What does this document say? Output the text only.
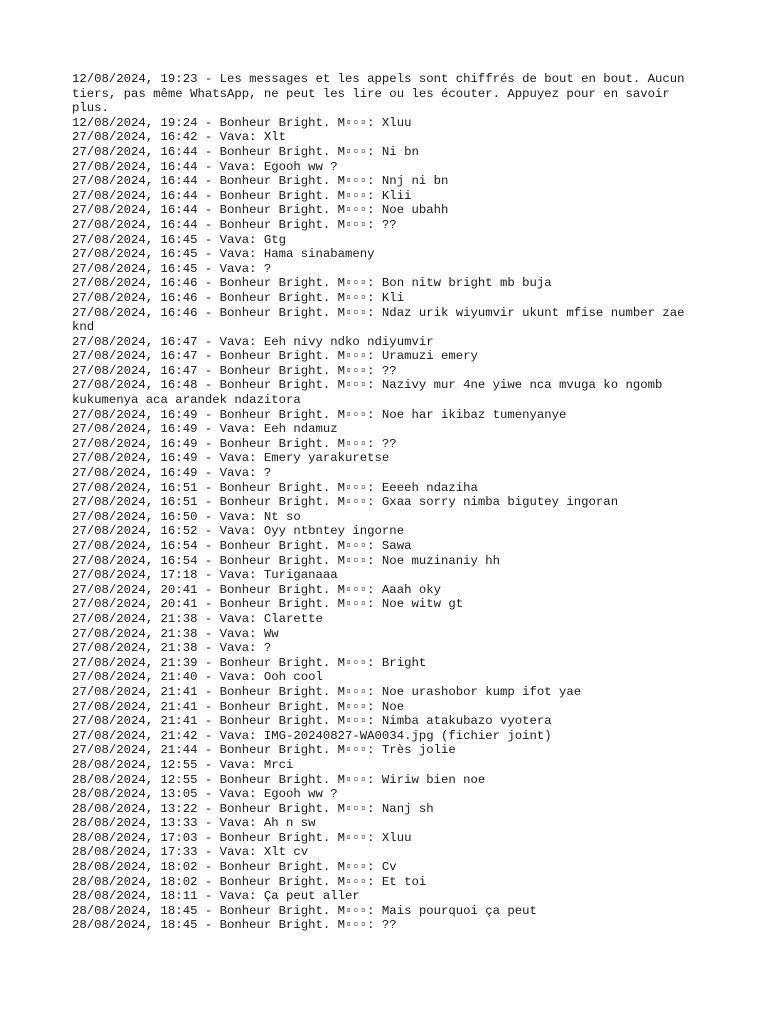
12/08/2024, 19:23 - Les messages et les appels sont chiffrés de bout en bout. Aucun tiers, pas même WhatsApp, ne peut les lire ou les écouter. Appuyez pour en savoir plus.
12/08/2024, 19:24 - Bonheur Bright. M▫▫▫: Xluu
27/08/2024, 16:42 - Vava: Xlt
27/08/2024, 16:44 - Bonheur Bright. M▫▫▫: Ni bn
27/08/2024, 16:44 - Vava: Egooh ww ?
27/08/2024, 16:44 - Bonheur Bright. M▫▫▫: Nnj ni bn
27/08/2024, 16:44 - Bonheur Bright. M▫▫▫: Klii
27/08/2024, 16:44 - Bonheur Bright. M▫▫▫: Noe ubahh
27/08/2024, 16:44 - Bonheur Bright. M▫▫▫: ??
27/08/2024, 16:45 - Vava: Gtg
27/08/2024, 16:45 - Vava: Hama sinabameny
27/08/2024, 16:45 - Vava: ?
27/08/2024, 16:46 - Bonheur Bright. M▫▫▫: Bon nitw bright mb buja
27/08/2024, 16:46 - Bonheur Bright. M▫▫▫: Kli
27/08/2024, 16:46 - Bonheur Bright. M▫▫▫: Ndaz urik wiyumvir ukunt mfise number zae knd
27/08/2024, 16:47 - Vava: Eeh nivy ndko ndiyumvir
27/08/2024, 16:47 - Bonheur Bright. M▫▫▫: Uramuzi emery
27/08/2024, 16:47 - Bonheur Bright. M▫▫▫: ??
27/08/2024, 16:48 - Bonheur Bright. M▫▫▫: Nazivy mur 4ne yiwe nca mvuga ko ngomb kukumenya aca arandek ndazitora
27/08/2024, 16:49 - Bonheur Bright. M▫▫▫: Noe har ikibaz tumenyanye
27/08/2024, 16:49 - Vava: Eeh ndamuz
27/08/2024, 16:49 - Bonheur Bright. M▫▫▫: ??
27/08/2024, 16:49 - Vava: Emery yarakuretse
27/08/2024, 16:49 - Vava: ?
27/08/2024, 16:51 - Bonheur Bright. M▫▫▫: Eeeeh ndaziha
27/08/2024, 16:51 - Bonheur Bright. M▫▫▫: Gxaa sorry nimba bigutey ingoran
27/08/2024, 16:50 - Vava: Nt so
27/08/2024, 16:52 - Vava: Oyy ntbntey ingorne
27/08/2024, 16:54 - Bonheur Bright. M▫▫▫: Sawa
27/08/2024, 16:54 - Bonheur Bright. M▫▫▫: Noe muzinaniy hh
27/08/2024, 17:18 - Vava: Turiganaaa
27/08/2024, 20:41 - Bonheur Bright. M▫▫▫: Aaah oky
27/08/2024, 20:41 - Bonheur Bright. M▫▫▫: Noe witw gt
27/08/2024, 21:38 - Vava: Clarette
27/08/2024, 21:38 - Vava: Ww
27/08/2024, 21:38 - Vava: ?
27/08/2024, 21:39 - Bonheur Bright. M▫▫▫: Bright
27/08/2024, 21:40 - Vava: Ooh cool
27/08/2024, 21:41 - Bonheur Bright. M▫▫▫: Noe urashobor kump ifot yae
27/08/2024, 21:41 - Bonheur Bright. M▫▫▫: Noe
27/08/2024, 21:41 - Bonheur Bright. M▫▫▫: Nimba atakubazo vyotera
27/08/2024, 21:42 - Vava: IMG-20240827-WA0034.jpg (fichier joint)
27/08/2024, 21:44 - Bonheur Bright. M▫▫▫: Très jolie
28/08/2024, 12:55 - Vava: Mrci
28/08/2024, 12:55 - Bonheur Bright. M▫▫▫: Wiriw bien noe
28/08/2024, 13:05 - Vava: Egooh ww ?
28/08/2024, 13:22 - Bonheur Bright. M▫▫▫: Nanj sh
28/08/2024, 13:33 - Vava: Ah n sw
28/08/2024, 17:03 - Bonheur Bright. M▫▫▫: Xluu
28/08/2024, 17:33 - Vava: Xlt cv
28/08/2024, 18:02 - Bonheur Bright. M▫▫▫: Cv
28/08/2024, 18:02 - Bonheur Bright. M▫▫▫: Et toi
28/08/2024, 18:11 - Vava: Ça peut aller
28/08/2024, 18:45 - Bonheur Bright. M▫▫▫: Mais pourquoi ça peut
28/08/2024, 18:45 - Bonheur Bright. M▫▫▫: ??
